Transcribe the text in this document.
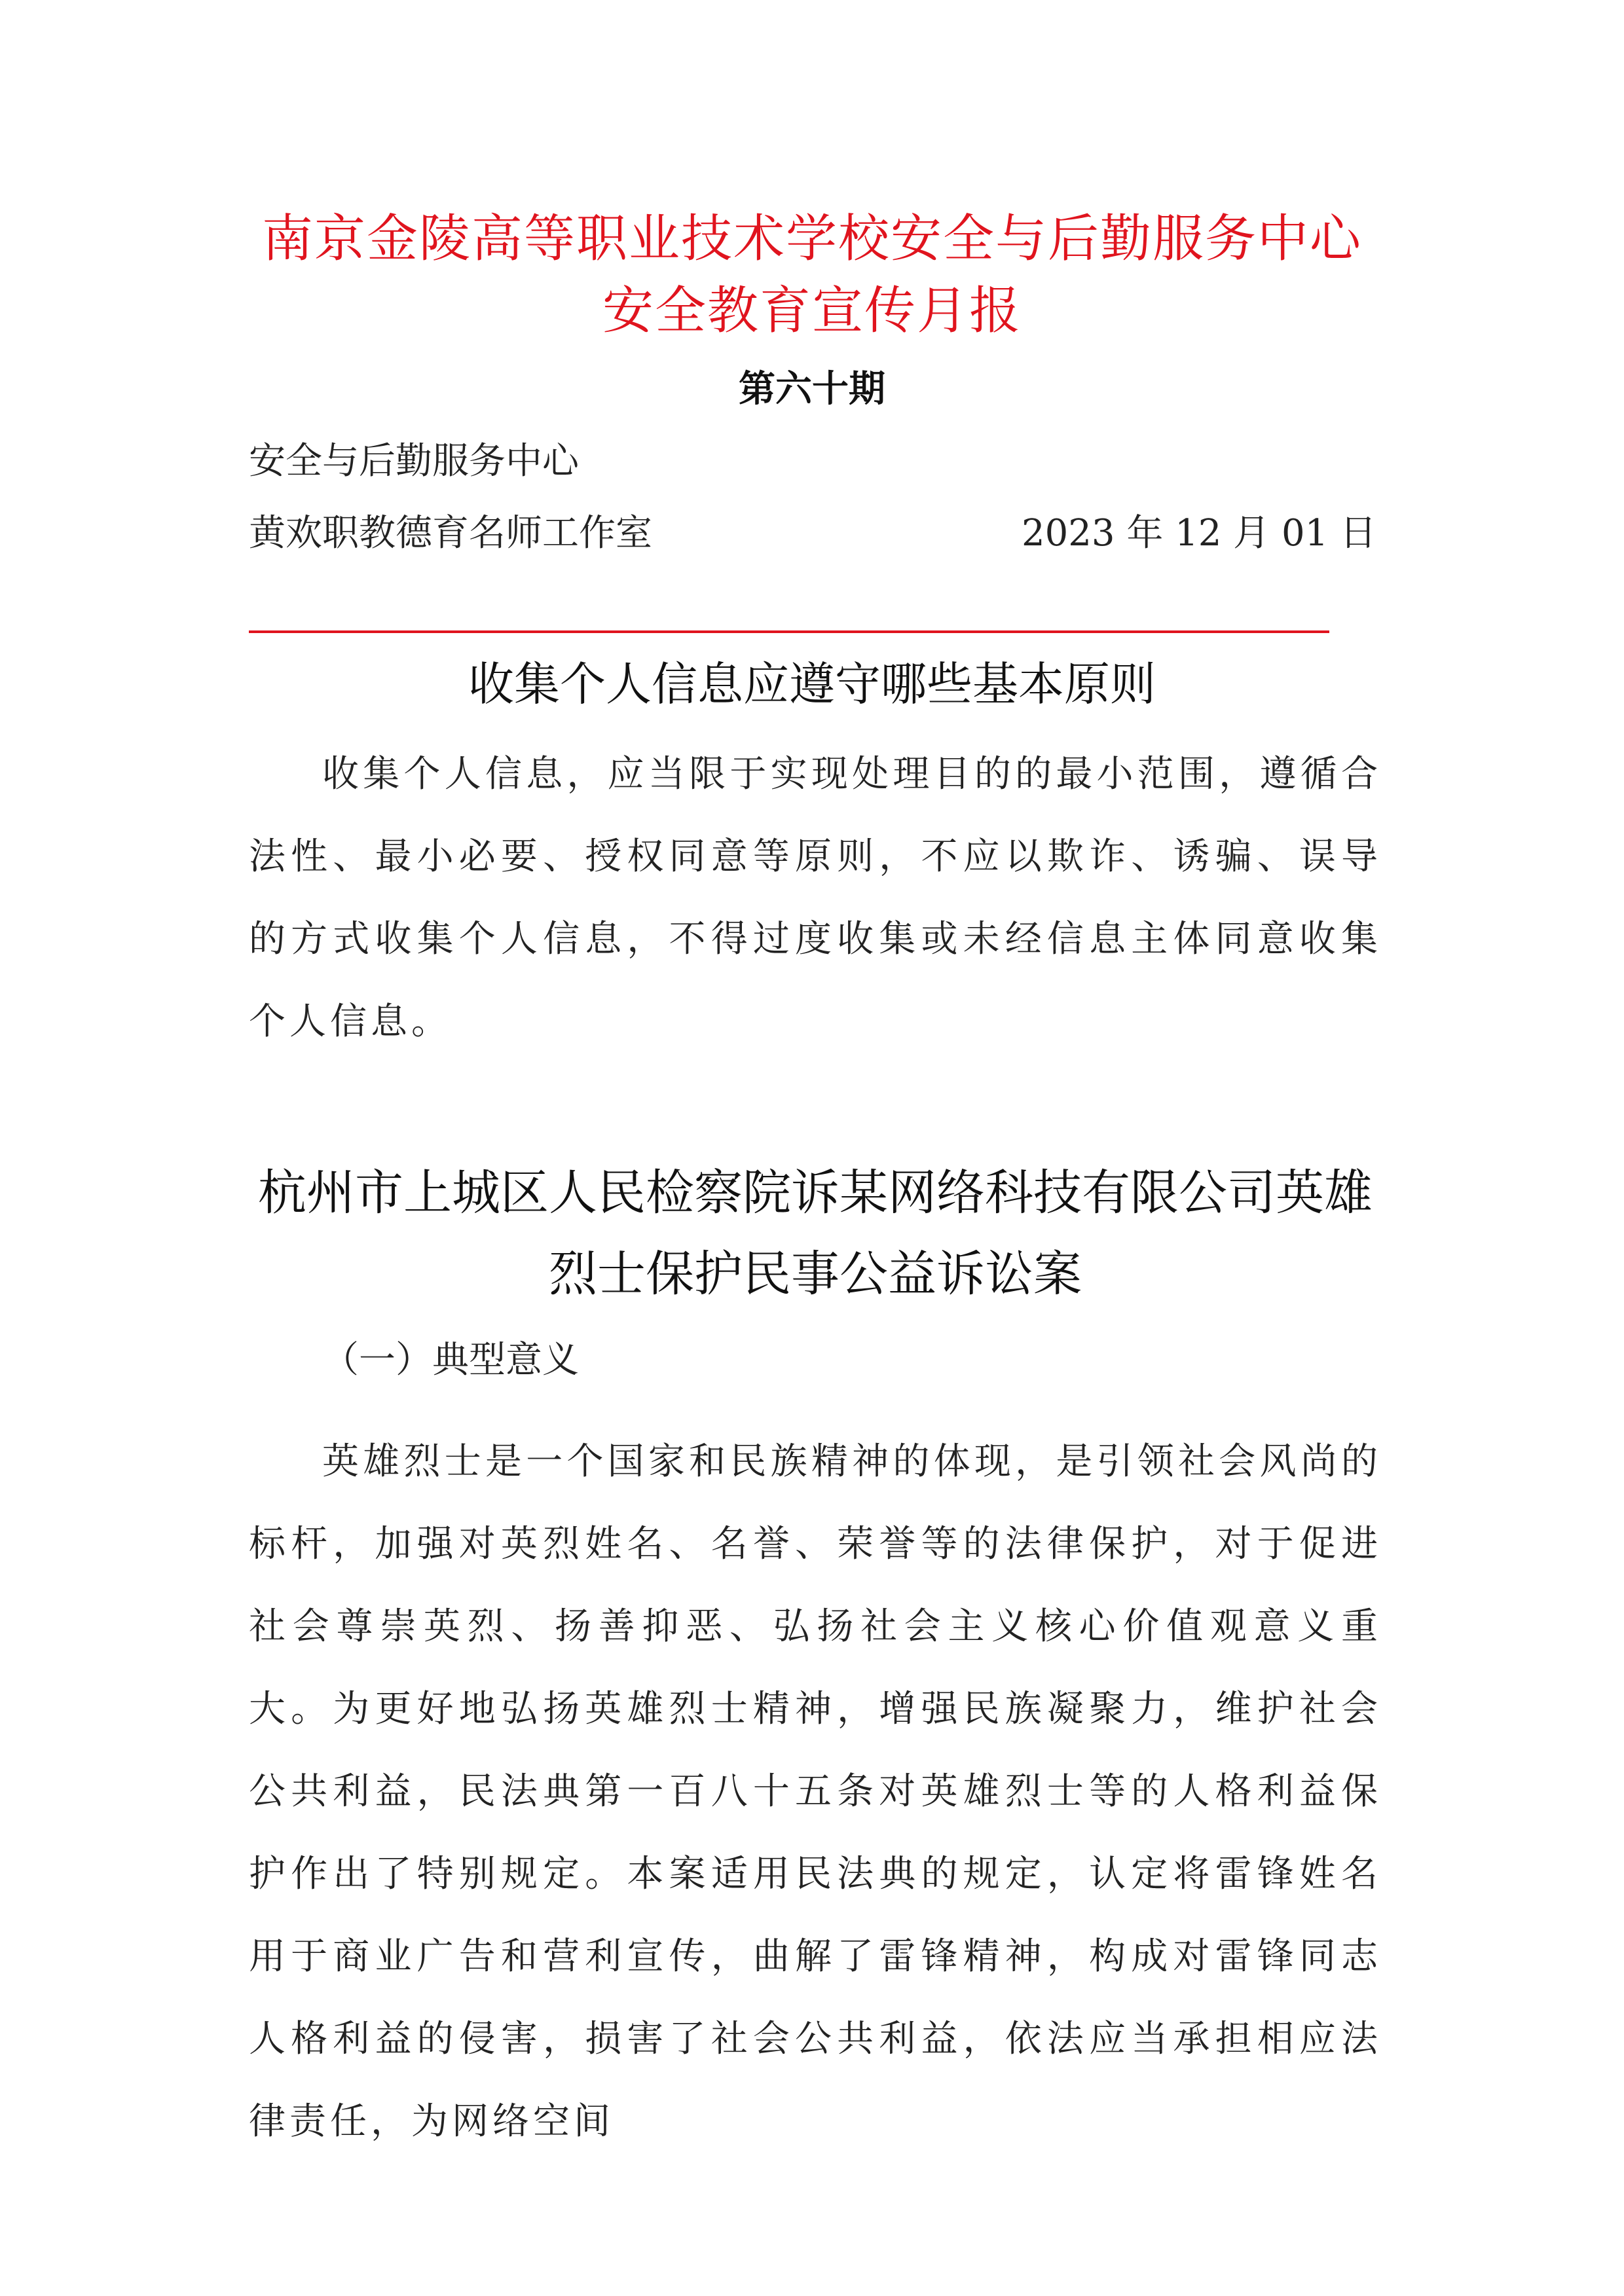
南京金陵高等职业技术学校安全与后勤服务中心
安全教育宣传月报
第六十期
安全与后勤服务中心
黄欢职教德育名师工作室	2023 年 12 月 01 日
收集个人信息应遵守哪些基本原则
收集个人信息，应当限于实现处理目的的最小范围，遵循合法性、最小必要、授权同意等原则，不应以欺诈、诱骗、误导的方式收集个人信息，不得过度收集或未经信息主体同意收集个人信息。
杭州市上城区人民检察院诉某网络科技有限公司英雄烈士保护民事公益诉讼案
（一）典型意义
英雄烈士是一个国家和民族精神的体现，是引领社会风尚的标杆，加强对英烈姓名、名誉、荣誉等的法律保护，对于促进社会尊崇英烈、扬善抑恶、弘扬社会主义核心价值观意义重大。为更好地弘扬英雄烈士精神，增强民族凝聚力，维护社会公共利益，民法典第一百八十五条对英雄烈士等的人格利益保护作出了特别规定。本案适用民法典的规定，认定将雷锋姓名用于商业广告和营利宣传，曲解了雷锋精神，构成对雷锋同志人格利益的侵害，损害了社会公共利益，依法应当承担相应法律责任，为网络空间
